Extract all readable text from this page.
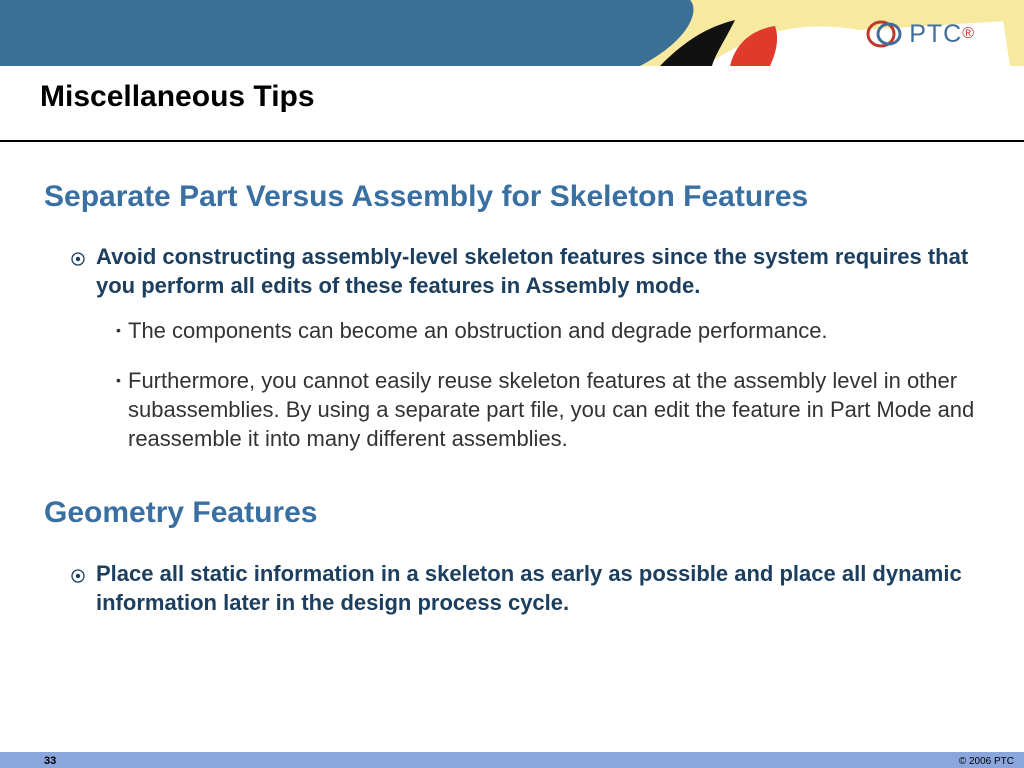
PTC ®
Miscellaneous Tips
Separate Part Versus Assembly for Skeleton Features
Avoid constructing assembly-level skeleton features since the system requires that you perform all edits of these features in Assembly mode.
• The components can become an obstruction and degrade performance.
• Furthermore, you cannot easily reuse skeleton features at the assembly level in other subassemblies. By using a separate part file, you can edit the feature in Part Mode and reassemble it into many different assemblies.
Geometry Features
Place all static information in a skeleton as early as possible and place all dynamic information later in the design process cycle.
33	© 2006 PTC
